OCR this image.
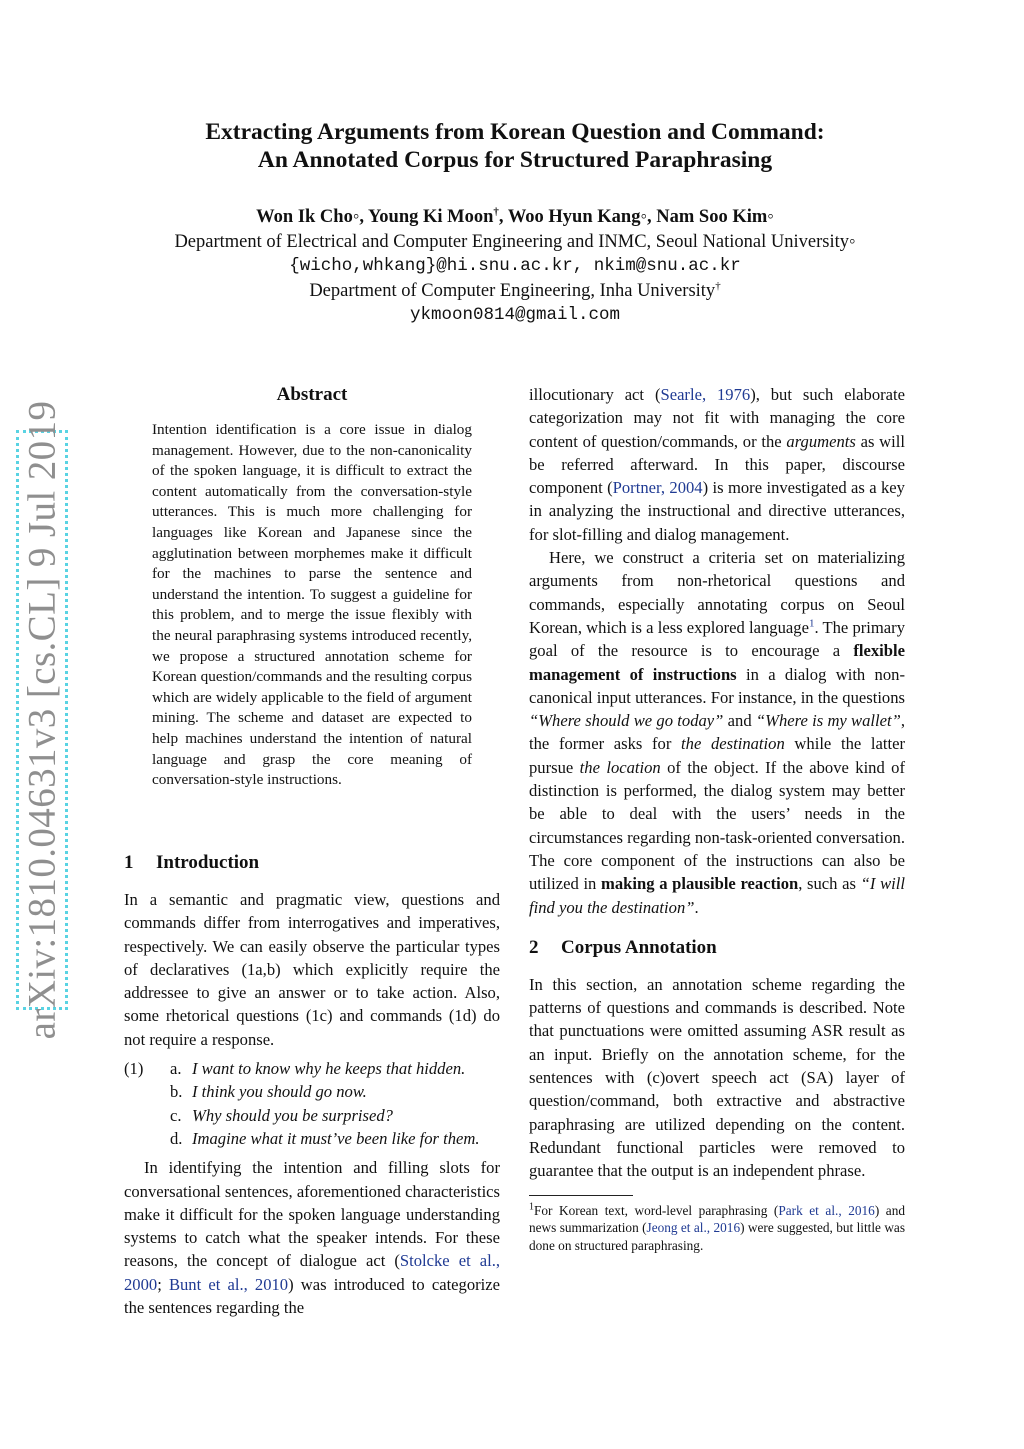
arXiv:1810.04631v3 [cs.CL] 9 Jul 2019
Extracting Arguments from Korean Question and Command:
An Annotated Corpus for Structured Paraphrasing
Won Ik Cho◦, Young Ki Moon†, Woo Hyun Kang◦, Nam Soo Kim◦
Department of Electrical and Computer Engineering and INMC, Seoul National University◦
{wicho,whkang}@hi.snu.ac.kr, nkim@snu.ac.kr
Department of Computer Engineering, Inha University†
ykmoon0814@gmail.com
Abstract

Intention identification is a core issue in dialog management. However, due to the non-canonicality of the spoken language, it is difficult to extract the content automatically from the conversation-style utterances. This is much more challenging for languages like Korean and Japanese since the agglutination between morphemes make it difficult for the machines to parse the sentence and understand the intention. To suggest a guideline for this problem, and to merge the issue flexibly with the neural paraphrasing systems introduced recently, we propose a structured annotation scheme for Korean question/commands and the resulting corpus which are widely applicable to the field of argument mining. The scheme and dataset are expected to help machines understand the intention of natural language and grasp the core meaning of conversation-style instructions.

1 Introduction

In a semantic and pragmatic view, questions and commands differ from interrogatives and imperatives, respectively. We can easily observe the particular types of declaratives (1a,b) which explicitly require the addressee to give an answer or to take action. Also, some rhetorical questions (1c) and commands (1d) do not require a response.

(1) a. I want to know why he keeps that hidden.
b. I think you should go now.
c. Why should you be surprised?
d. Imagine what it must’ve been like for them.

In identifying the intention and filling slots for conversational sentences, aforementioned characteristics make it difficult for the spoken language understanding systems to catch what the speaker intends. For these reasons, the concept of dialogue act (Stolcke et al., 2000; Bunt et al., 2010) was introduced to categorize the sentences regarding the

illocutionary act (Searle, 1976), but such elaborate categorization may not fit with managing the core content of question/commands, or the arguments as will be referred afterward. In this paper, discourse component (Portner, 2004) is more investigated as a key in analyzing the instructional and directive utterances, for slot-filling and dialog management.

Here, we construct a criteria set on materializing arguments from non-rhetorical questions and commands, especially annotating corpus on Seoul Korean, which is a less explored language$^1$. The primary goal of the resource is to encourage a flexible management of instructions in a dialog with non-canonical input utterances. For instance, in the questions “Where should we go today” and “Where is my wallet”, the former asks for the destination while the latter pursue the location of the object. If the above kind of distinction is performed, the dialog system may better be able to deal with the users’ needs in the circumstances regarding non-task-oriented conversation. The core component of the instructions can also be utilized in making a plausible reaction, such as “I will find you the destination”.

2 Corpus Annotation

In this section, an annotation scheme regarding the patterns of questions and commands is described. Note that punctuations were omitted assuming ASR result as an input. Briefly on the annotation scheme, for the sentences with (c)overt speech act (SA) layer of question/command, both extractive and abstractive paraphrasing are utilized depending on the content. Redundant functional particles were removed to guarantee that the output is an independent phrase.

$^1$For Korean text, word-level paraphrasing (Park et al., 2016) and news summarization (Jeong et al., 2016) were suggested, but little was done on structured paraphrasing.
